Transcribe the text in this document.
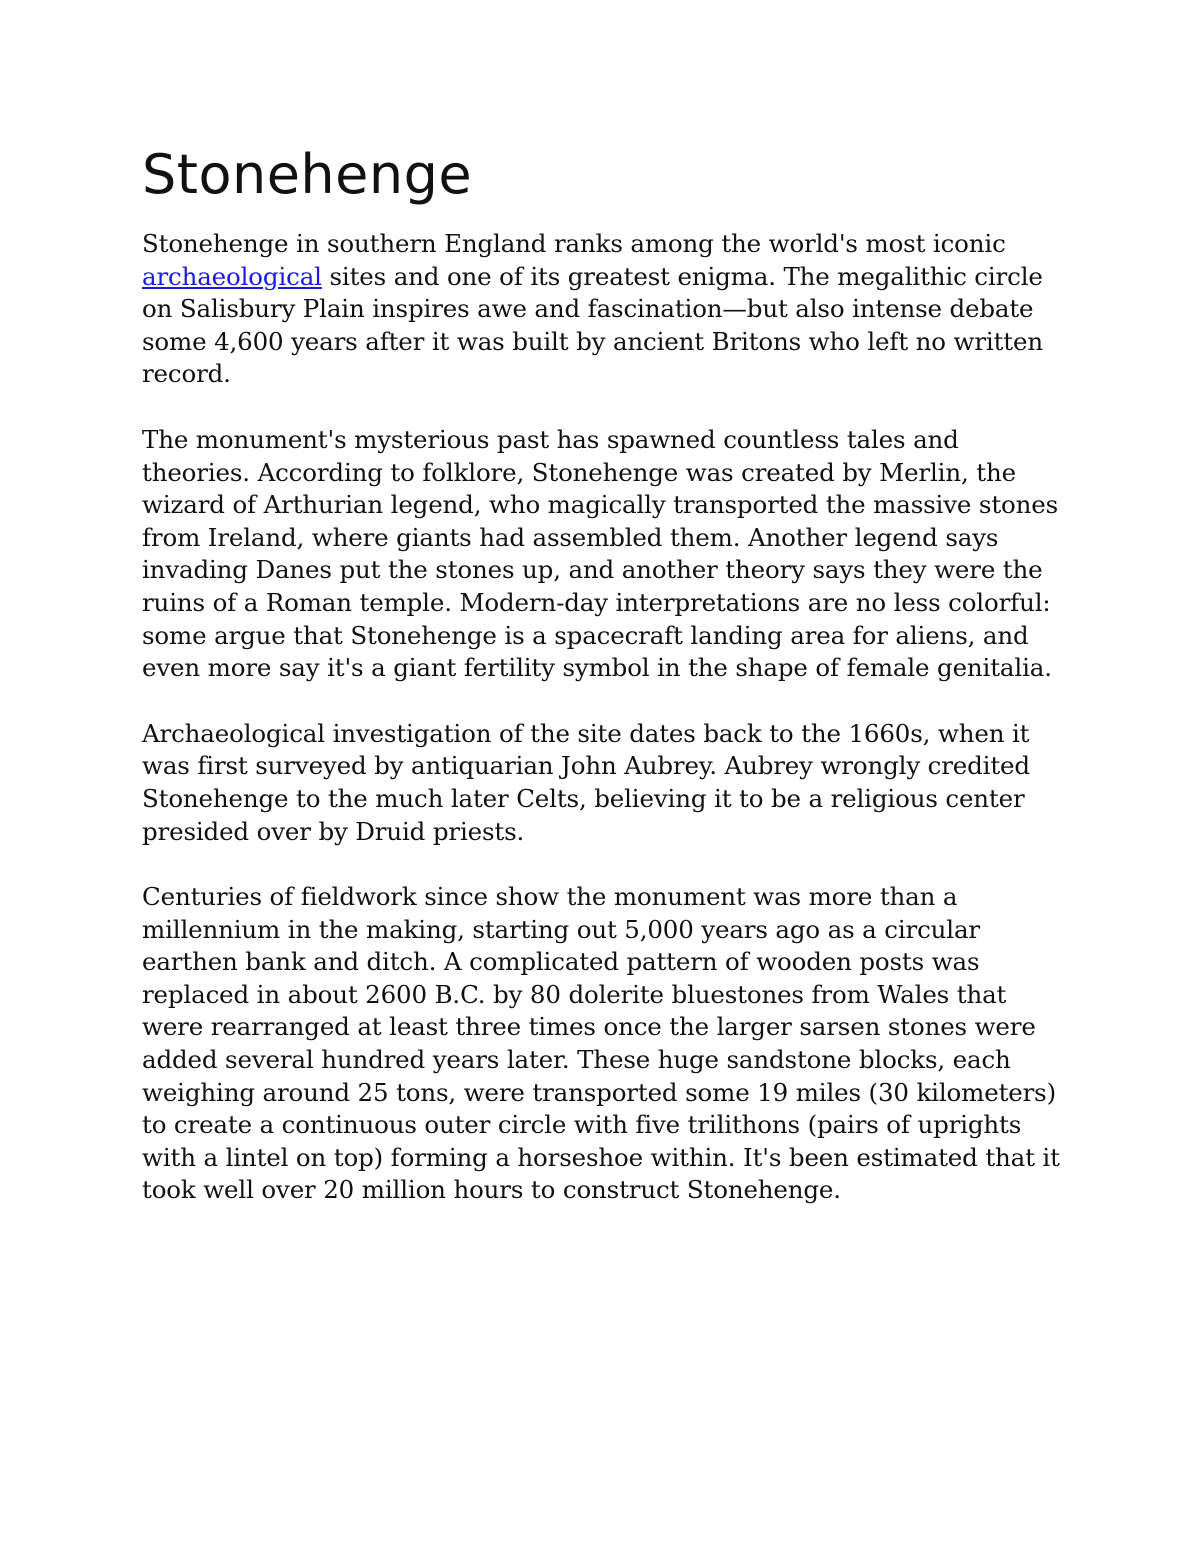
Stonehenge

Stonehenge in southern England ranks among the world's most iconic archaeological sites and one of its greatest enigma. The megalithic circle on Salisbury Plain inspires awe and fascination—but also intense debate some 4,600 years after it was built by ancient Britons who left no written record.

The monument's mysterious past has spawned countless tales and theories. According to folklore, Stonehenge was created by Merlin, the wizard of Arthurian legend, who magically transported the massive stones from Ireland, where giants had assembled them. Another legend says invading Danes put the stones up, and another theory says they were the ruins of a Roman temple. Modern-day interpretations are no less colorful: some argue that Stonehenge is a spacecraft landing area for aliens, and even more say it's a giant fertility symbol in the shape of female genitalia.

Archaeological investigation of the site dates back to the 1660s, when it was first surveyed by antiquarian John Aubrey. Aubrey wrongly credited Stonehenge to the much later Celts, believing it to be a religious center presided over by Druid priests.

Centuries of fieldwork since show the monument was more than a millennium in the making, starting out 5,000 years ago as a circular earthen bank and ditch. A complicated pattern of wooden posts was replaced in about 2600 B.C. by 80 dolerite bluestones from Wales that were rearranged at least three times once the larger sarsen stones were added several hundred years later. These huge sandstone blocks, each weighing around 25 tons, were transported some 19 miles (30 kilometers) to create a continuous outer circle with five trilithons (pairs of uprights with a lintel on top) forming a horseshoe within. It's been estimated that it took well over 20 million hours to construct Stonehenge.
